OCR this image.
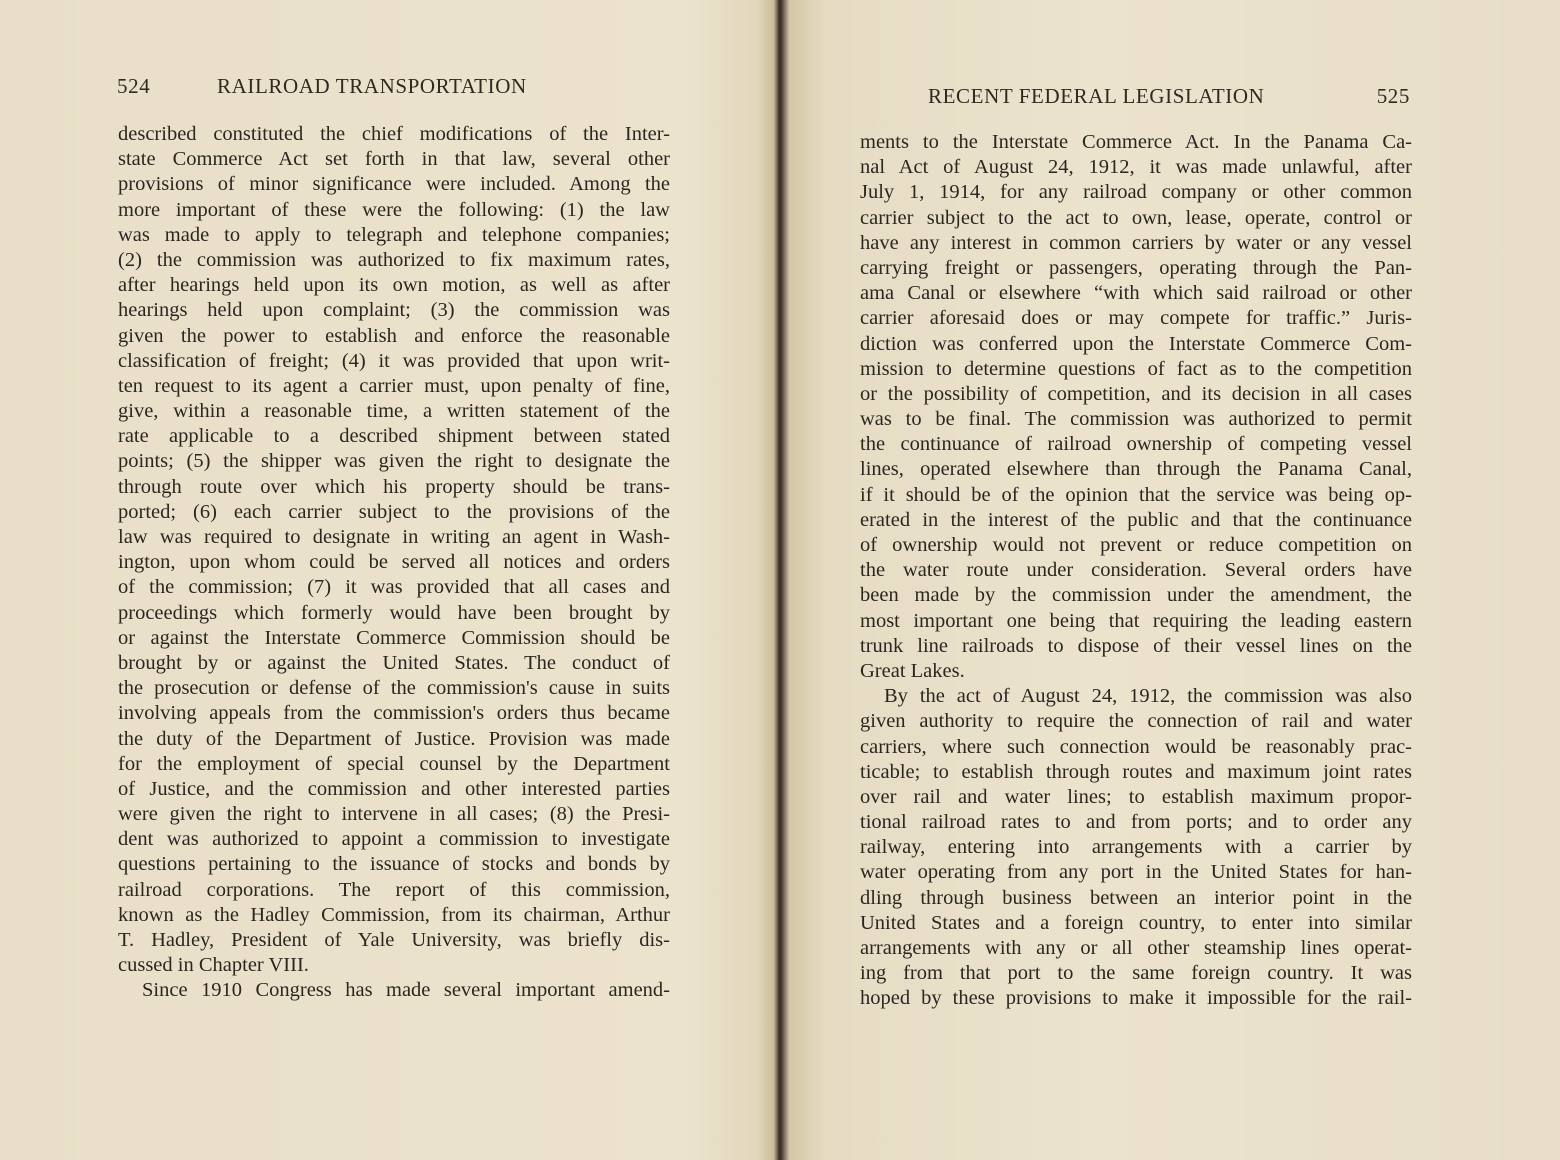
524	RAILROAD TRANSPORTATION
described constituted the chief modifications of the Inter-
state Commerce Act set forth in that law, several other
provisions of minor significance were included. Among the
more important of these were the following: (1) the law
was made to apply to telegraph and telephone companies;
(2) the commission was authorized to fix maximum rates,
after hearings held upon its own motion, as well as after
hearings held upon complaint; (3) the commission was
given the power to establish and enforce the reasonable
classification of freight; (4) it was provided that upon writ-
ten request to its agent a carrier must, upon penalty of fine,
give, within a reasonable time, a written statement of the
rate applicable to a described shipment between stated
points; (5) the shipper was given the right to designate the
through route over which his property should be trans-
ported; (6) each carrier subject to the provisions of the
law was required to designate in writing an agent in Wash-
ington, upon whom could be served all notices and orders
of the commission; (7) it was provided that all cases and
proceedings which formerly would have been brought by
or against the Interstate Commerce Commission should be
brought by or against the United States. The conduct of
the prosecution or defense of the commission's cause in suits
involving appeals from the commission's orders thus became
the duty of the Department of Justice. Provision was made
for the employment of special counsel by the Department
of Justice, and the commission and other interested parties
were given the right to intervene in all cases; (8) the Presi-
dent was authorized to appoint a commission to investigate
questions pertaining to the issuance of stocks and bonds by
railroad corporations. The report of this commission,
known as the Hadley Commission, from its chairman, Arthur
T. Hadley, President of Yale University, was briefly dis-
cussed in Chapter VIII.
Since 1910 Congress has made several important amend-
RECENT FEDERAL LEGISLATION	525
ments to the Interstate Commerce Act. In the Panama Ca-
nal Act of August 24, 1912, it was made unlawful, after
July 1, 1914, for any railroad company or other common
carrier subject to the act to own, lease, operate, control or
have any interest in common carriers by water or any vessel
carrying freight or passengers, operating through the Pan-
ama Canal or elsewhere “with which said railroad or other
carrier aforesaid does or may compete for traffic.” Juris-
diction was conferred upon the Interstate Commerce Com-
mission to determine questions of fact as to the competition
or the possibility of competition, and its decision in all cases
was to be final. The commission was authorized to permit
the continuance of railroad ownership of competing vessel
lines, operated elsewhere than through the Panama Canal,
if it should be of the opinion that the service was being op-
erated in the interest of the public and that the continuance
of ownership would not prevent or reduce competition on
the water route under consideration. Several orders have
been made by the commission under the amendment, the
most important one being that requiring the leading eastern
trunk line railroads to dispose of their vessel lines on the
Great Lakes.
By the act of August 24, 1912, the commission was also
given authority to require the connection of rail and water
carriers, where such connection would be reasonably prac-
ticable; to establish through routes and maximum joint rates
over rail and water lines; to establish maximum propor-
tional railroad rates to and from ports; and to order any
railway, entering into arrangements with a carrier by
water operating from any port in the United States for han-
dling through business between an interior point in the
United States and a foreign country, to enter into similar
arrangements with any or all other steamship lines operat-
ing from that port to the same foreign country. It was
hoped by these provisions to make it impossible for the rail-
